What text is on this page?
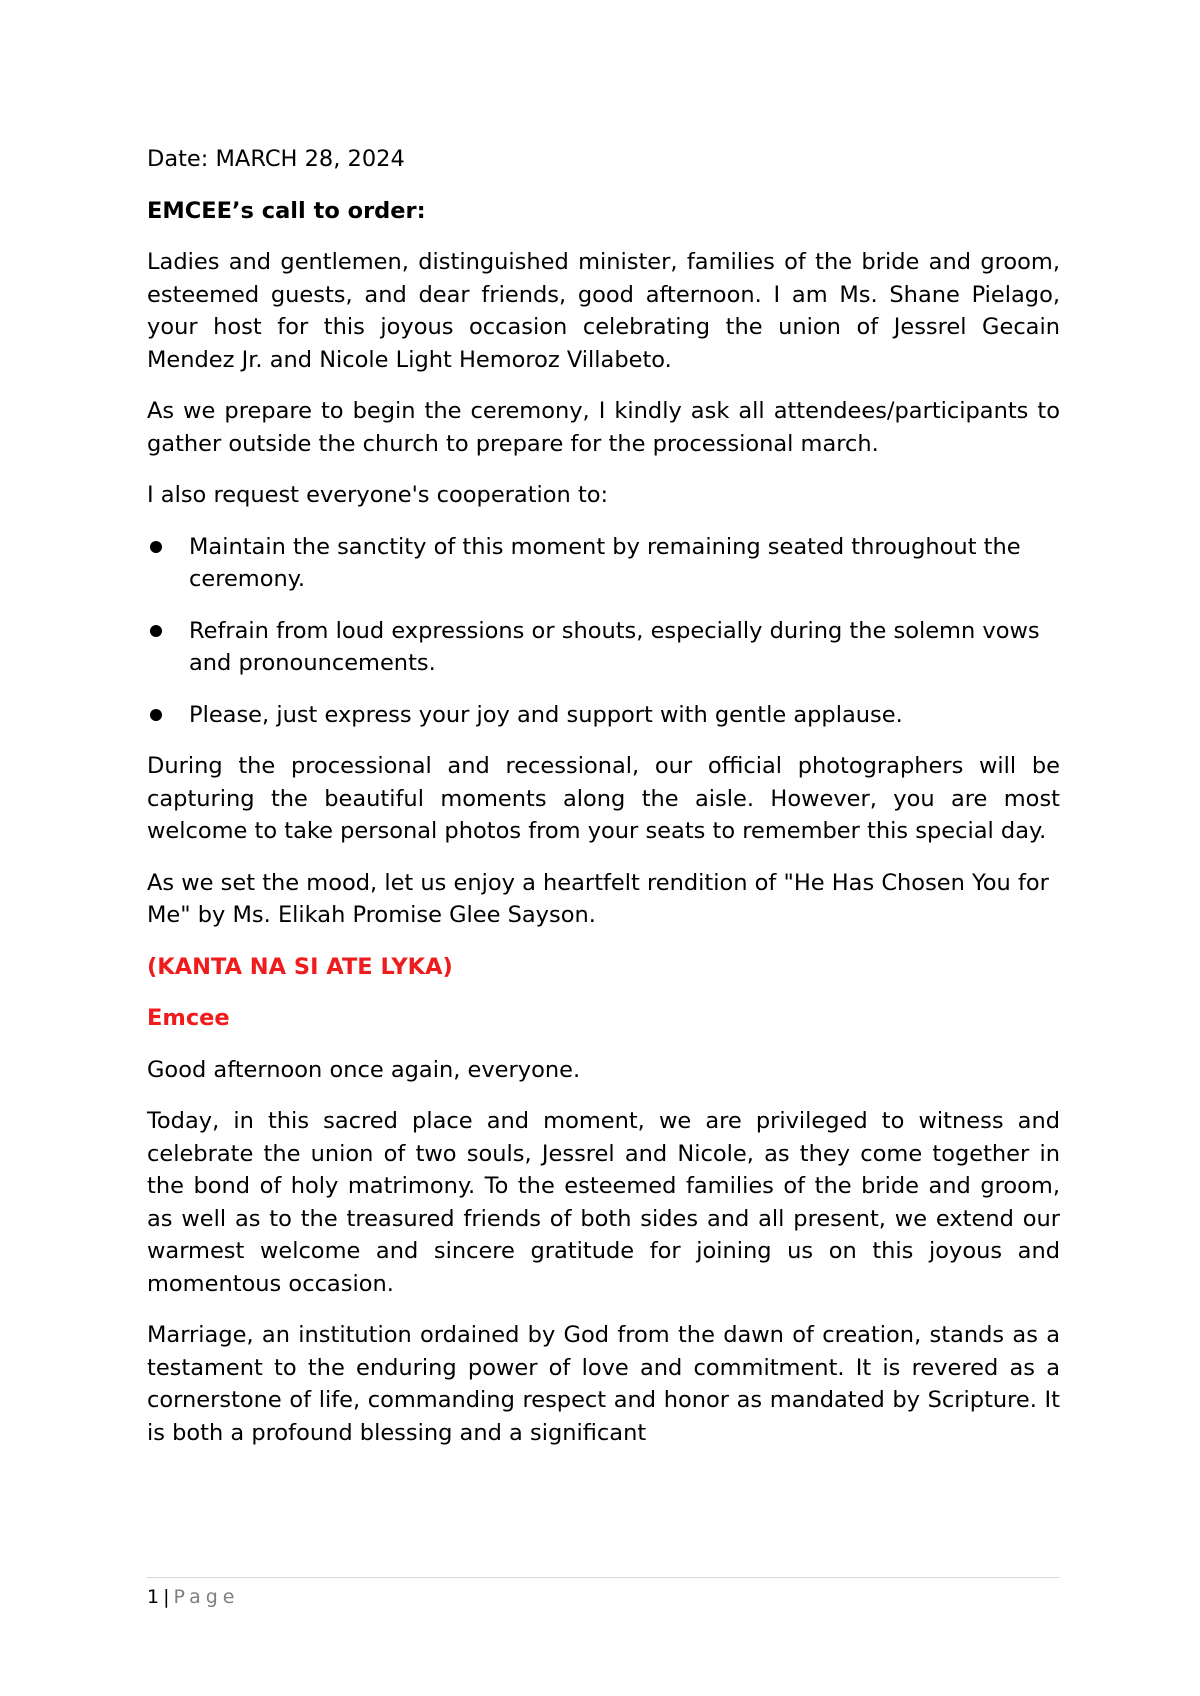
Date: MARCH 28, 2024

EMCEE’s call to order:

Ladies and gentlemen, distinguished minister, families of the bride and groom, esteemed guests, and dear friends, good afternoon. I am Ms. Shane Pielago, your host for this joyous occasion celebrating the union of Jessrel Gecain Mendez Jr. and Nicole Light Hemoroz Villabeto.

As we prepare to begin the ceremony, I kindly ask all attendees/participants to gather outside the church to prepare for the processional march.

I also request everyone's cooperation to:

Maintain the sanctity of this moment by remaining seated throughout the ceremony.
Refrain from loud expressions or shouts, especially during the solemn vows and pronouncements.
Please, just express your joy and support with gentle applause.

During the processional and recessional, our official photographers will be capturing the beautiful moments along the aisle. However, you are most welcome to take personal photos from your seats to remember this special day.

As we set the mood, let us enjoy a heartfelt rendition of "He Has Chosen You for Me" by Ms. Elikah Promise Glee Sayson.

(KANTA NA SI ATE LYKA)

Emcee

Good afternoon once again, everyone.

Today, in this sacred place and moment, we are privileged to witness and celebrate the union of two souls, Jessrel and Nicole, as they come together in the bond of holy matrimony. To the esteemed families of the bride and groom, as well as to the treasured friends of both sides and all present, we extend our warmest welcome and sincere gratitude for joining us on this joyous and momentous occasion.

Marriage, an institution ordained by God from the dawn of creation, stands as a testament to the enduring power of love and commitment. It is revered as a cornerstone of life, commanding respect and honor as mandated by Scripture. It is both a profound blessing and a significant

1 | Page
